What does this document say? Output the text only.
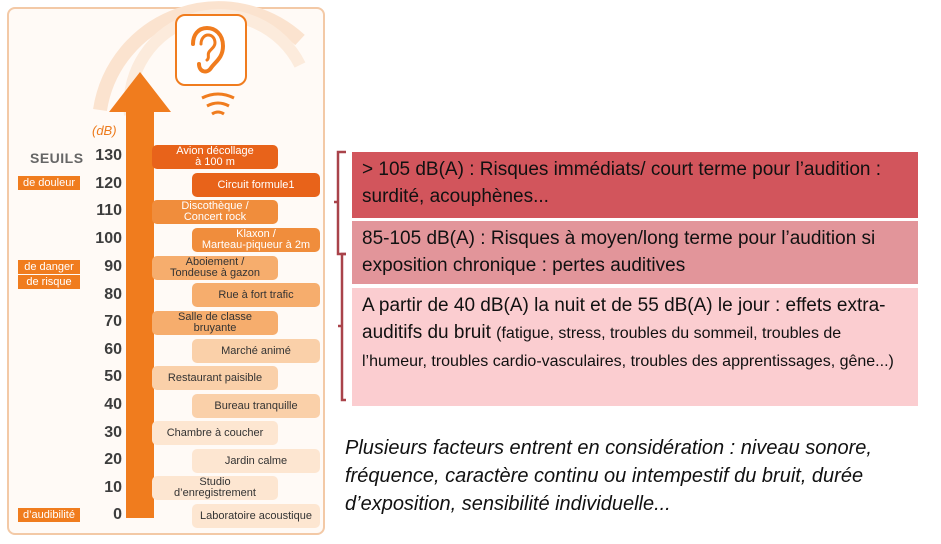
(dB)
SEUILS
de douleur
de danger
de risque
d’audibilité
130
120
110
100
90
80
70
60
50
40
30
20
10
0
Avion décollage
à 100 m
Circuit formule1
Discothèque /
Concert rock
Klaxon /
Marteau-piqueur à 2m
Aboiement /
Tondeuse à gazon
Rue à fort trafic
Salle de classe
bruyante
Marché animé
Restaurant paisible
Bureau tranquille
Chambre à coucher
Jardin calme
Studio
d’enregistrement
Laboratoire acoustique
> 105 dB(A) : Risques immédiats/ court terme pour l’audition : surdité, acouphènes...
85-105 dB(A) : Risques à moyen/long terme pour l’audition si exposition chronique : pertes auditives
A partir de 40 dB(A) la nuit et de 55 dB(A) le jour : effets extra-auditifs du bruit (fatigue, stress, troubles du sommeil, troubles de l’humeur, troubles cardio-vasculaires, troubles des apprentissages, gêne...)
Plusieurs facteurs entrent en considération : niveau sonore, fréquence, caractère continu ou intempestif du bruit, durée d’exposition, sensibilité individuelle...
